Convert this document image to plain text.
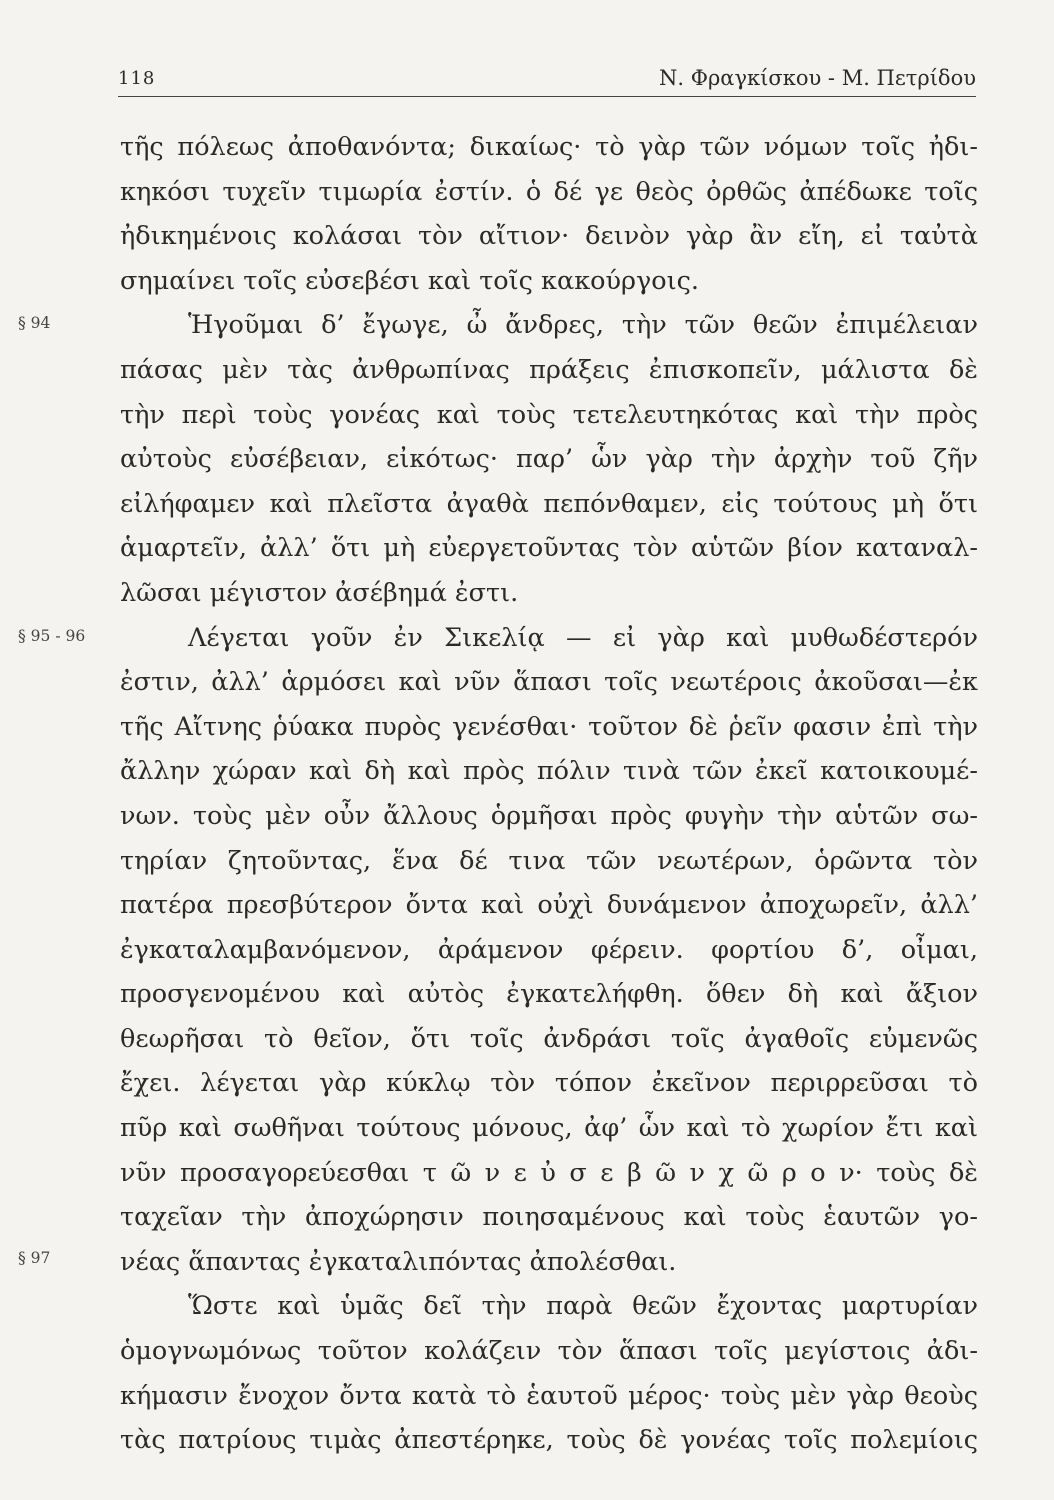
118	Ν. Φραγκίσκου - Μ. Πετρίδου
§ 94
§ 95 - 96
§ 97
τῆς πόλεως ἀποθανόντα; δικαίως· τὸ γὰρ τῶν νόμων τοῖς ἠδι-
κηκόσι τυχεῖν τιμωρία ἐστίν. ὁ δέ γε θεὸς ὀρθῶς ἀπέδωκε τοῖς
ἠδικημένοις κολάσαι τὸν αἴτιον· δεινὸν γὰρ ἂν εἴη, εἰ ταὐτὰ
σημαίνει τοῖς εὐσεβέσι καὶ τοῖς κακούργοις.
Ἡγοῦμαι δ’ ἔγωγε, ὦ ἄνδρες, τὴν τῶν θεῶν ἐπιμέλειαν
πάσας μὲν τὰς ἀνθρωπίνας πράξεις ἐπισκοπεῖν, μάλιστα δὲ
τὴν περὶ τοὺς γονέας καὶ τοὺς τετελευτηκότας καὶ τὴν πρὸς
αὐτοὺς εὐσέβειαν, εἰκότως· παρ’ ὧν γὰρ τὴν ἀρχὴν τοῦ ζῆν
εἰλήφαμεν καὶ πλεῖστα ἀγαθὰ πεπόνθαμεν, εἰς τούτους μὴ ὅτι
ἁμαρτεῖν, ἀλλ’ ὅτι μὴ εὐεργετοῦντας τὸν αὑτῶν βίον καταναλ-
λῶσαι μέγιστον ἀσέβημά ἐστι.
Λέγεται γοῦν ἐν Σικελίᾳ — εἰ γὰρ καὶ μυθωδέστερόν
ἐστιν, ἀλλ’ ἁρμόσει καὶ νῦν ἅπασι τοῖς νεωτέροις ἀκοῦσαι—ἐκ
τῆς Αἴτνης ῥύακα πυρὸς γενέσθαι· τοῦτον δὲ ῥεῖν φασιν ἐπὶ τὴν
ἄλλην χώραν καὶ δὴ καὶ πρὸς πόλιν τινὰ τῶν ἐκεῖ κατοικουμέ-
νων. τοὺς μὲν οὖν ἄλλους ὁρμῆσαι πρὸς φυγὴν τὴν αὑτῶν σω-
τηρίαν ζητοῦντας, ἕνα δέ τινα τῶν νεωτέρων, ὁρῶντα τὸν
πατέρα πρεσβύτερον ὄντα καὶ οὐχὶ δυνάμενον ἀποχωρεῖν, ἀλλ’
ἐγκαταλαμβανόμενον, ἀράμενον φέρειν. φορτίου δ’, οἶμαι,
προσγενομένου καὶ αὐτὸς ἐγκατελήφθη. ὅθεν δὴ καὶ ἄξιον
θεωρῆσαι τὸ θεῖον, ὅτι τοῖς ἀνδράσι τοῖς ἀγαθοῖς εὐμενῶς
ἔχει. λέγεται γὰρ κύκλῳ τὸν τόπον ἐκεῖνον περιρρεῦσαι τὸ
πῦρ καὶ σωθῆναι τούτους μόνους, ἀφ’ ὧν καὶ τὸ χωρίον ἔτι καὶ
νῦν προσαγορεύεσθαι τ ῶ ν ε ὐ σ ε β ῶ ν χ ῶ ρ ο ν· τοὺς δὲ
ταχεῖαν τὴν ἀποχώρησιν ποιησαμένους καὶ τοὺς ἑαυτῶν γο-
νέας ἅπαντας ἐγκαταλιπόντας ἀπολέσθαι.
Ὥστε καὶ ὑμᾶς δεῖ τὴν παρὰ θεῶν ἔχοντας μαρτυρίαν
ὁμογνωμόνως τοῦτον κολάζειν τὸν ἅπασι τοῖς μεγίστοις ἀδι-
κήμασιν ἔνοχον ὄντα κατὰ τὸ ἑαυτοῦ μέρος· τοὺς μὲν γὰρ θεοὺς
τὰς πατρίους τιμὰς ἀπεστέρηκε, τοὺς δὲ γονέας τοῖς πολεμίοις
